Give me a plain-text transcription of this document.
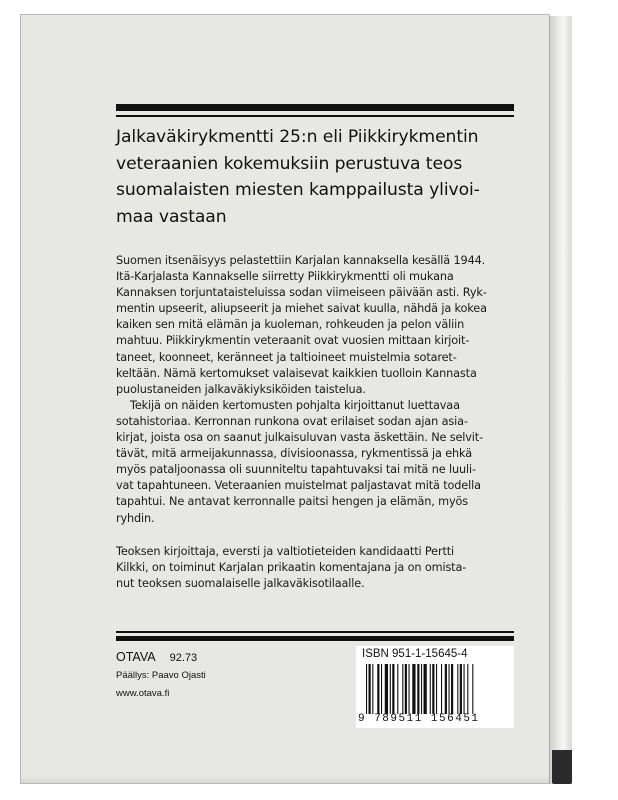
Jalkaväkirykmentti 25:n eli Piikkirykmentin
veteraanien kokemuksiin perustuva teos
suomalaisten miesten kamppailusta ylivoi-
maa vastaan
Suomen itsenäisyys pelastettiin Karjalan kannaksella kesällä 1944.
Itä-Karjalasta Kannakselle siirretty Piikkirykmentti oli mukana
Kannaksen torjuntataisteluissa sodan viimeiseen päivään asti. Ryk-
mentin upseerit, aliupseerit ja miehet saivat kuulla, nähdä ja kokea
kaiken sen mitä elämän ja kuoleman, rohkeuden ja pelon väliin
mahtuu. Piikkirykmentin veteraanit ovat vuosien mittaan kirjoit-
taneet, koonneet, keränneet ja taltioineet muistelmia sotaret-
keltään. Nämä kertomukset valaisevat kaikkien tuolloin Kannasta
puolustaneiden jalkaväkiyksiköiden taistelua.
Tekijä on näiden kertomusten pohjalta kirjoittanut luettavaa
sotahistoriaa. Kerronnan runkona ovat erilaiset sodan ajan asia-
kirjat, joista osa on saanut julkaisuluvan vasta äskettäin. Ne selvit-
tävät, mitä armeijakunnassa, divisioonassa, rykmentissä ja ehkä
myös pataljoonassa oli suunniteltu tapahtuvaksi tai mitä ne luuli-
vat tapahtuneen. Veteraanien muistelmat paljastavat mitä todella
tapahtui. Ne antavat kerronnalle paitsi hengen ja elämän, myös
ryhdin.
Teoksen kirjoittaja, eversti ja valtiotieteiden kandidaatti Pertti
Kilkki, on toiminut Karjalan prikaatin komentajana ja on omista-
nut teoksen suomalaiselle jalkaväkisotilaalle.
OTAVA 92.73
Päällys: Paavo Ojasti
www.otava.fi
ISBN 951-1-15645-4
9 789511 156451
